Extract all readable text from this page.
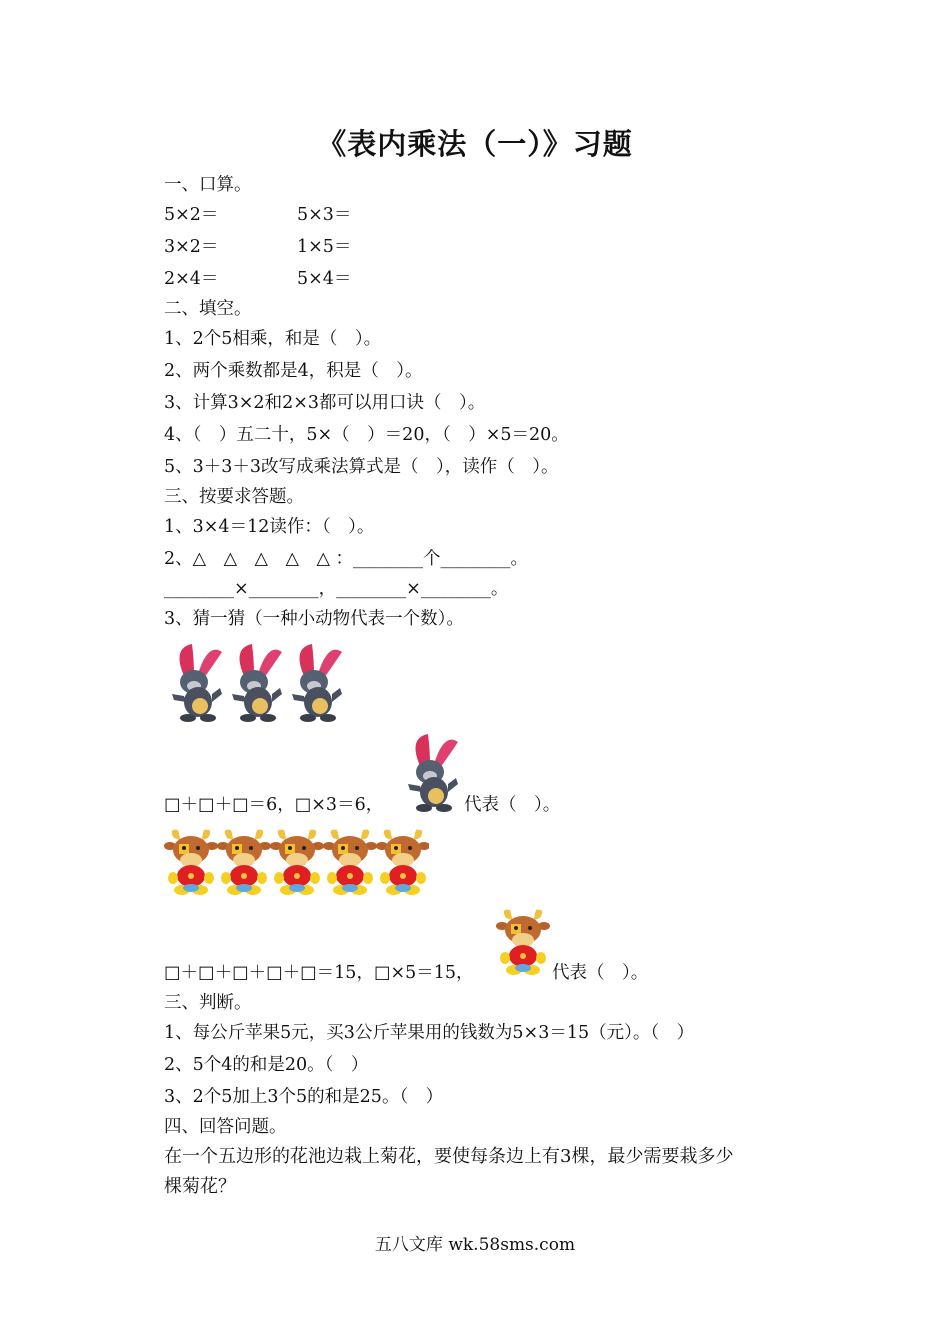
《表内乘法（一）》习题
一、口算。
5×2＝	5×3＝
3×2＝	1×5＝
2×4＝	5×4＝
二、填空。
1、2个5相乘，和是（　）。
2、两个乘数都是4，积是（　）。
3、计算3×2和2×3都可以用口诀（　）。
4、（　）五二十，5×（　）＝20，（　）×5＝20。
5、3＋3＋3改写成乘法算式是（　），读作（　）。
三、按要求答题。
1、3×4＝12读作：（　）。
2、△　△　△　△　△ ：________个________。
________×________，________×________。
3、猜一猜（一种小动物代表一个数）。
□＋□＋□＝6，□×3＝6，	代表（　）。
□＋□＋□＋□＋□＝15，□×5＝15，	代表（　）。
三、判断。
1、每公斤苹果5元，买3公斤苹果用的钱数为5×3＝15（元）。（　）
2、5个4的和是20。（　）
3、2个5加上3个5的和是25。（　）
四、回答问题。
在一个五边形的花池边栽上菊花，要使每条边上有3棵，最少需要栽多少
棵菊花？
五八文库 wk.58sms.com
